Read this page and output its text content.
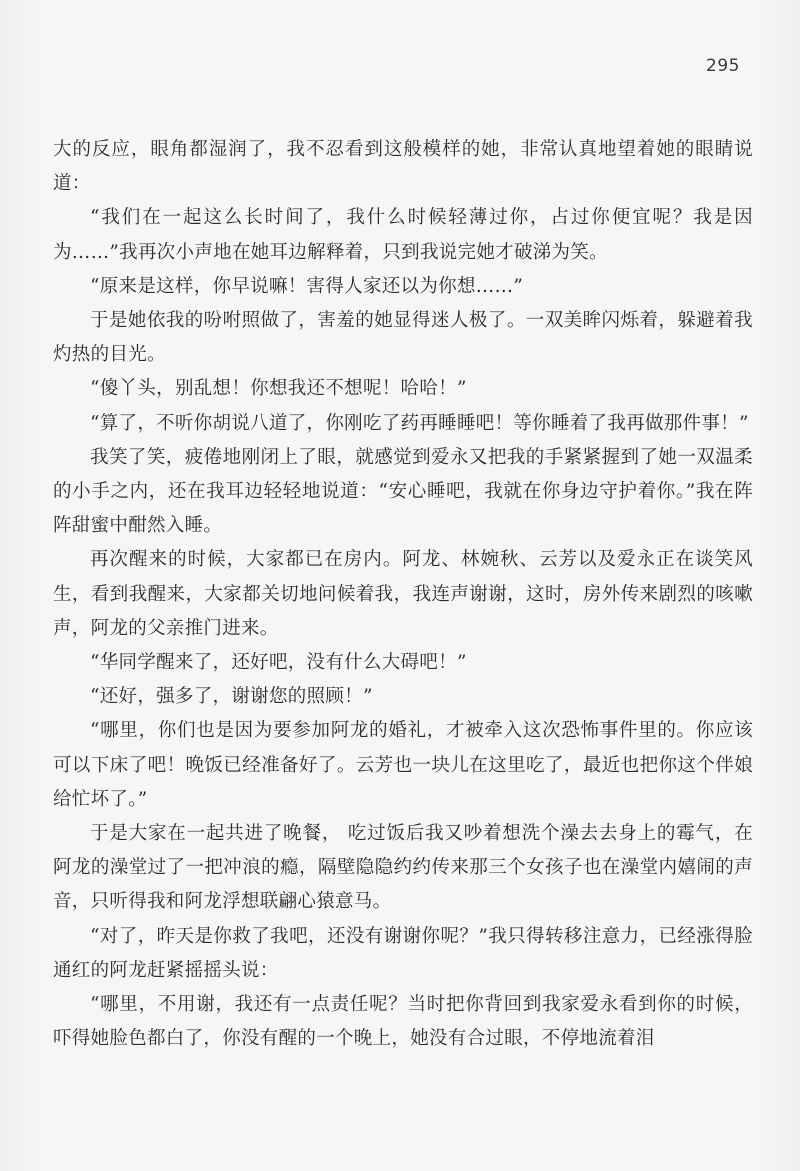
295

大的反应，眼角都湿润了，我不忍看到这般模样的她，非常认真地望着她的眼睛说道：

“我们在一起这么长时间了，我什么时候轻薄过你，占过你便宜呢？我是因为……”我再次小声地在她耳边解释着，只到我说完她才破涕为笑。

“原来是这样，你早说嘛！害得人家还以为你想……”

于是她依我的吩咐照做了，害羞的她显得迷人极了。一双美眸闪烁着，躲避着我灼热的目光。

“傻丫头，别乱想！你想我还不想呢！哈哈！”

“算了，不听你胡说八道了，你刚吃了药再睡睡吧！等你睡着了我再做那件事！”

我笑了笑，疲倦地刚闭上了眼，就感觉到爱永又把我的手紧紧握到了她一双温柔的小手之内，还在我耳边轻轻地说道：“安心睡吧，我就在你身边守护着你。”我在阵阵甜蜜中酣然入睡。

再次醒来的时候，大家都已在房内。阿龙、林婉秋、云芳以及爱永正在谈笑风生，看到我醒来，大家都关切地问候着我，我连声谢谢，这时，房外传来剧烈的咳嗽声，阿龙的父亲推门进来。

“华同学醒来了，还好吧，没有什么大碍吧！”

“还好，强多了，谢谢您的照顾！”

“哪里，你们也是因为要参加阿龙的婚礼，才被牵入这次恐怖事件里的。你应该可以下床了吧！晚饭已经准备好了。云芳也一块儿在这里吃了，最近也把你这个伴娘给忙坏了。”

于是大家在一起共进了晚餐， 吃过饭后我又吵着想洗个澡去去身上的霉气，在阿龙的澡堂过了一把冲浪的瘾，隔壁隐隐约约传来那三个女孩子也在澡堂内嬉闹的声音，只听得我和阿龙浮想联翩心猿意马。

“对了，昨天是你救了我吧，还没有谢谢你呢？”我只得转移注意力，已经涨得脸通红的阿龙赶紧摇摇头说：

“哪里，不用谢，我还有一点责任呢？当时把你背回到我家爱永看到你的时候，吓得她脸色都白了，你没有醒的一个晚上，她没有合过眼，不停地流着泪
